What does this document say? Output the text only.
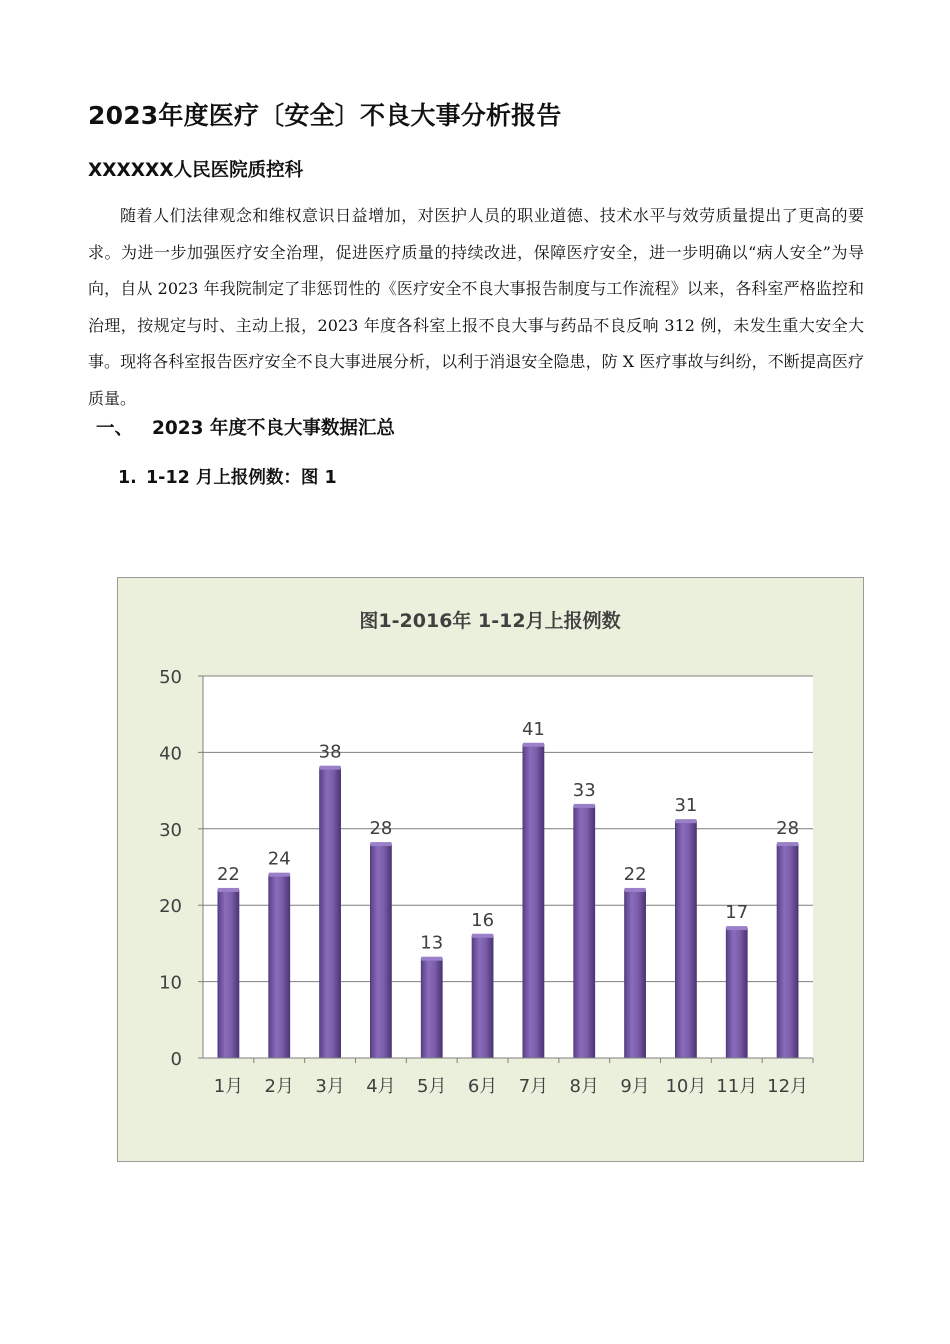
2023年度医疗〔安全〕不良大事分析报告
XXXXXX人民医院质控科

随着人们法律观念和维权意识日益增加，对医护人员的职业道德、技术水平与效劳质量提出了更高的要求。为进一步加强医疗安全治理，促进医疗质量的持续改进，保障医疗安全，进一步明确以“病人安全”为导向，自从 2023 年我院制定了非惩罚性的《医疗安全不良大事报告制度与工作流程》以来，各科室严格监控和治理，按规定与时、主动上报，2023 年度各科室上报不良大事与药品不良反响 312 例，未发生重大安全大事。现将各科室报告医疗安全不良大事进展分析，以利于消退安全隐患，防 X 医疗事故与纠纷，不断提高医疗质量。

一、 2023 年度不良大事数据汇总
1. 1-12 月上报例数：图 1
图1-2016年 1-12月上报例数
0
10
20
30
40
50
22
24
38
28
13
16
41
33
22
31
17
28
1月 2月 3月 4月 5月 6月 7月 8月 9月 10月 11月 12月
